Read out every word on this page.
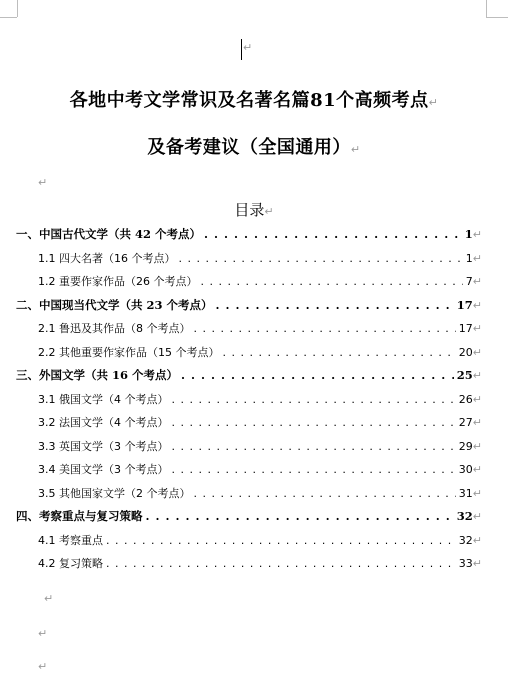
↵
各地中考文学常识及名著名篇81个高频考点↵
及备考建议（全国通用）↵
↵
目录↵
一、中国古代文学（共 42 个考点） . . .	1 ↵
1.1 四大名著（16 个考点） . . .	1 ↵
1.2 重要作家作品（26 个考点） . . .	7 ↵
二、中国现当代文学（共 23 个考点） . . .	17 ↵
2.1 鲁迅及其作品（8 个考点） . . .	17 ↵
2.2 其他重要作家作品（15 个考点） . . .	20 ↵
三、外国文学（共 16 个考点） . . .	25 ↵
3.1 俄国文学（4 个考点） . . .	26 ↵
3.2 法国文学（4 个考点） . . .	27 ↵
3.3 英国文学（3 个考点） . . .	29 ↵
3.4 美国文学（3 个考点） . . .	30 ↵
3.5 其他国家文学（2 个考点） . . .	31 ↵
四、考察重点与复习策略 . . .	32 ↵
4.1 考察重点 . . .	32 ↵
4.2 复习策略 . . .	33 ↵
↵
↵
↵
